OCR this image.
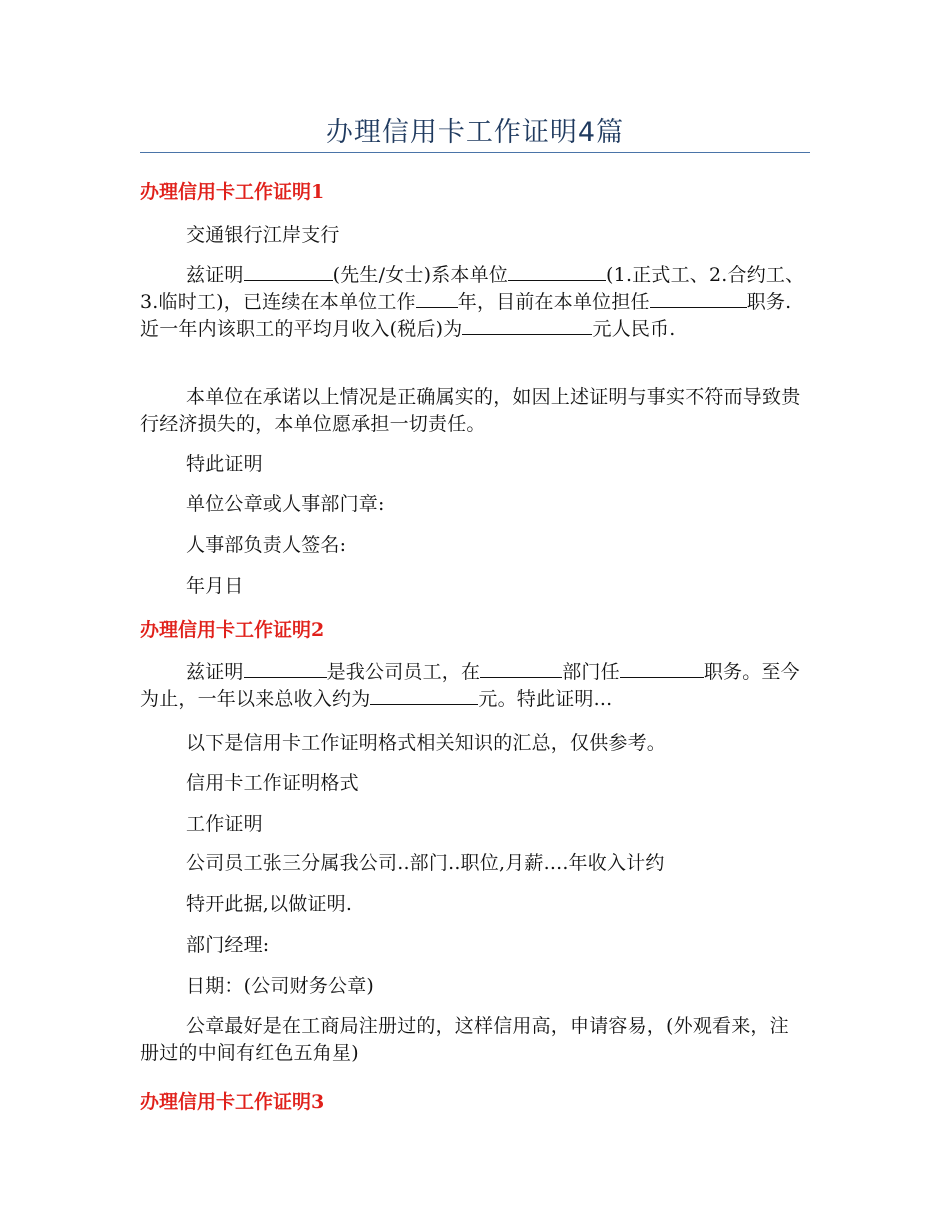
办理信用卡工作证明4篇
办理信用卡工作证明1

交通银行江岸支行

兹证明	(先生/女士)系本单位	(1.正式工、2.合约工、3.临时工)，已连续在本单位工作 年，目前在本单位担任	职务.近一年内该职工的平均月收入(税后)为	元人民币.

本单位在承诺以上情况是正确属实的，如因上述证明与事实不符而导致贵行经济损失的，本单位愿承担一切责任。

特此证明

单位公章或人事部门章:

人事部负责人签名:

年月日

办理信用卡工作证明2

兹证明	是我公司员工，在	部门任	职务。至今为止，一年以来总收入约为	元。特此证明...

以下是信用卡工作证明格式相关知识的汇总，仅供参考。

信用卡工作证明格式

工作证明

公司员工张三分属我公司..部门..职位,月薪....年收入计约

特开此据,以做证明.

部门经理:

日期：(公司财务公章)

公章最好是在工商局注册过的，这样信用高，申请容易，(外观看来，注册过的中间有红色五角星)

办理信用卡工作证明3
